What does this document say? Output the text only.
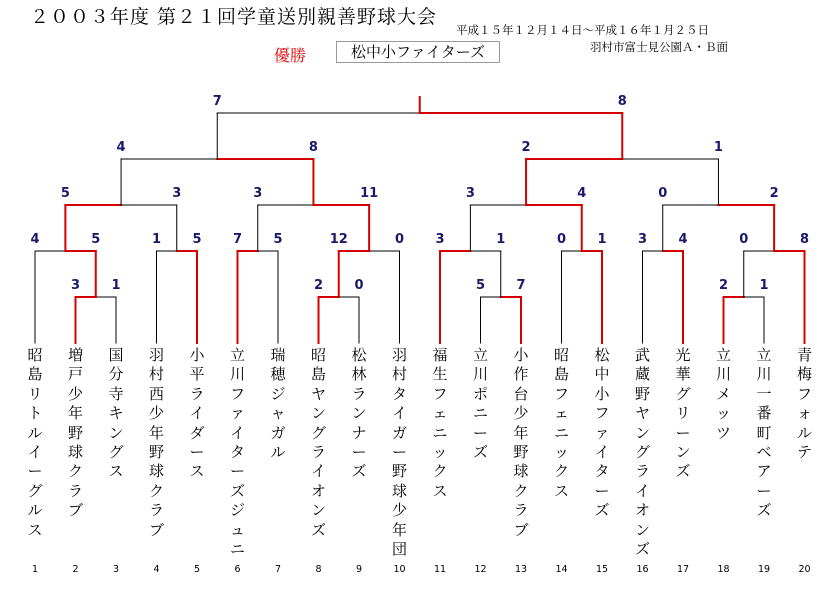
２００３年度 第２１回学童送別親善野球大会
平成１５年１２月１４日～平成１６年１月２５日
羽村市富士見公園Ａ・Ｂ面
優勝	松中小ファイターズ
3 1	2 0	5 7	2 1
4	5	1 5 7 5	12	0 3	1	0 1 3 4	0	8
5	3	3	11	3	4	0	2
4	8	2	1
7	8
昭島リトルイーグルス
1
増戸少年野球クラブ
2
国分寺キングス
3
羽村西少年野球クラブ
4
小平ライダース
5
立川ファイターズジュニ
6
瑞穂ジャガル
7
昭島ヤングライオンズ
8
松林ランナーズ
9
羽村タイガー野球少年団
10
福生フェニックス
11
立川ポニーズ
12
小作台少年野球クラブ
13
昭島フェニックス
14
松中小ファイターズ
15
武蔵野ヤングライオンズ
16
光華グリーンズ
17
立川メッツ
18
立川一番町ベアーズ
19
青梅フォルテ
20
